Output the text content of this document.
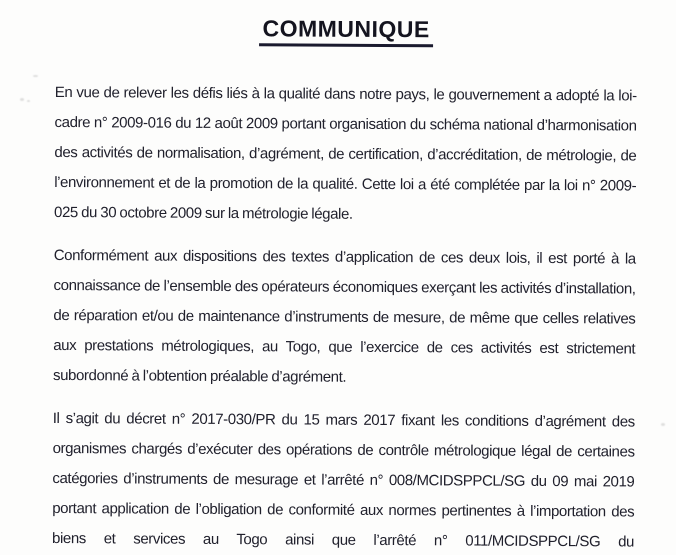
COMMUNIQUE

En vue de relever les défis liés à la qualité dans notre pays, le gouvernement a adopté la loi-cadre n° 2009-016 du 12 août 2009 portant organisation du schéma national d’harmonisation des activités de normalisation, d’agrément, de certification, d’accréditation, de métrologie, de l’environnement et de la promotion de la qualité. Cette loi a été complétée par la loi n° 2009-025 du 30 octobre 2009 sur la métrologie légale.

Conformément aux dispositions des textes d’application de ces deux lois, il est porté à la connaissance de l’ensemble des opérateurs économiques exerçant les activités d’installation, de réparation et/ou de maintenance d’instruments de mesure, de même que celles relatives aux prestations métrologiques, au Togo, que l’exercice de ces activités est strictement subordonné à l’obtention préalable d’agrément.

Il s’agit du décret n° 2017-030/PR du 15 mars 2017 fixant les conditions d’agrément des organismes chargés d’exécuter des opérations de contrôle métrologique légal de certaines catégories d’instruments de mesurage et l’arrêté n° 008/MCIDSPPCL/SG du 09 mai 2019 portant application de l’obligation de conformité aux normes pertinentes à l’importation des biens et services au Togo ainsi que l’arrêté n° 011/MCIDSPPCL/SG du
